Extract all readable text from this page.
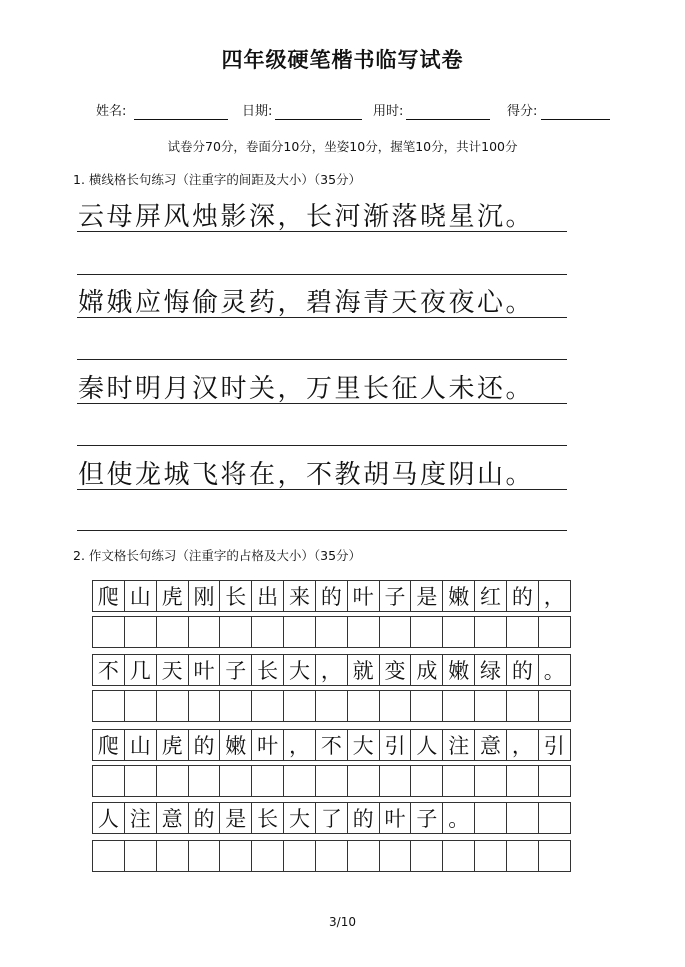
四年级硬笔楷书临写试卷
姓名:	日期:	用时:	得分:
试卷分70分，卷面分10分，坐姿10分，握笔10分，共计100分
1. 横线格长句练习（注重字的间距及大小）（35分）
云母屏风烛影深，长河渐落晓星沉。
嫦娥应悔偷灵药，碧海青天夜夜心。
秦时明月汉时关，万里长征人未还。
但使龙城飞将在，不教胡马度阴山。
2. 作文格长句练习（注重字的占格及大小）（35分）
爬 山 虎 刚 长 出 来 的 叶 子 是 嫩 红 的 ，
不 几 天 叶 子 长 大 ， 就 变 成 嫩 绿 的 。
爬 山 虎 的 嫩 叶 ， 不 大 引 人 注 意 ， 引
人 注 意 的 是 长 大 了 的 叶 子 。
3/10
